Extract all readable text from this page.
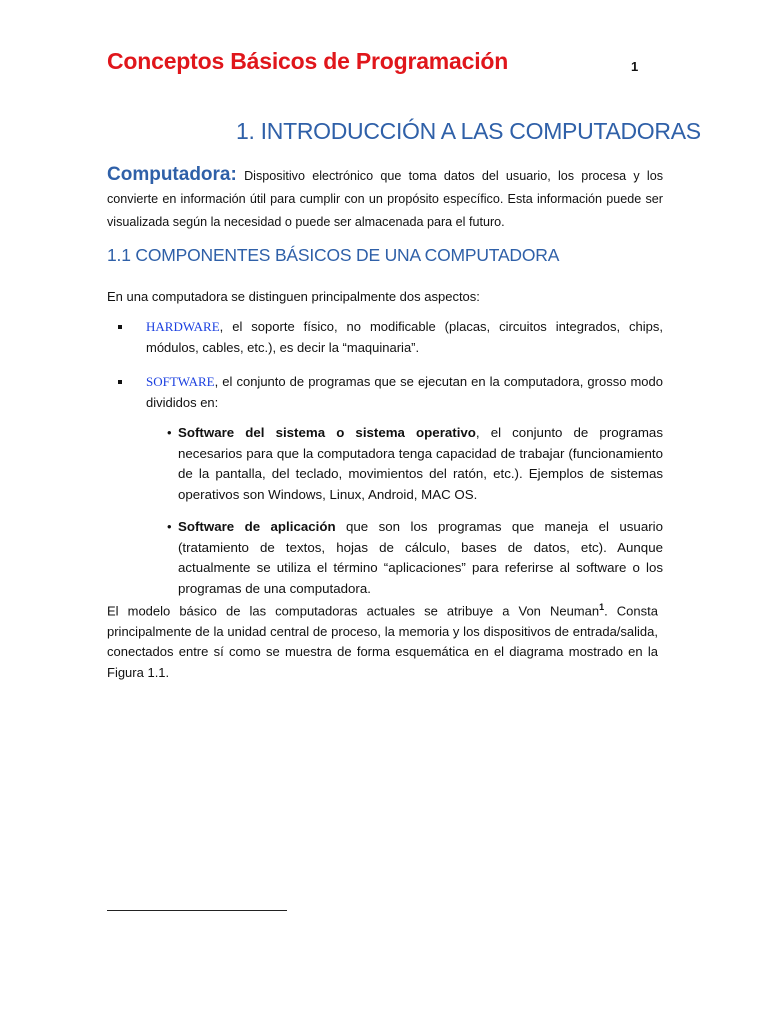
Conceptos Básicos de Programación	1
1. INTRODUCCIÓN A LAS COMPUTADORAS
Computadora: Dispositivo electrónico que toma datos del usuario, los procesa y los convierte en información útil para cumplir con un propósito específico. Esta información puede ser visualizada según la necesidad o puede ser almacenada para el futuro.
1.1 COMPONENTES BÁSICOS DE UNA COMPUTADORA
En una computadora se distinguen principalmente dos aspectos:
HARDWARE, el soporte físico, no modificable (placas, circuitos integrados, chips, módulos, cables, etc.), es decir la “maquinaria”.
SOFTWARE, el conjunto de programas que se ejecutan en la computadora, grosso modo divididos en:
• Software del sistema o sistema operativo, el conjunto de programas necesarios para que la computadora tenga capacidad de trabajar (funcionamiento de la pantalla, del teclado, movimientos del ratón, etc.). Ejemplos de sistemas operativos son Windows, Linux, Android, MAC OS.
• Software de aplicación que son los programas que maneja el usuario (tratamiento de textos, hojas de cálculo, bases de datos, etc). Aunque actualmente se utiliza el término “aplicaciones” para referirse al software o los programas de una computadora.
El modelo básico de las computadoras actuales se atribuye a Von Neuman$^1$. Consta principalmente de la unidad central de proceso, la memoria y los dispositivos de entrada/salida, conectados entre sí como se muestra de forma esquemática en el diagrama mostrado en la Figura 1.1.
